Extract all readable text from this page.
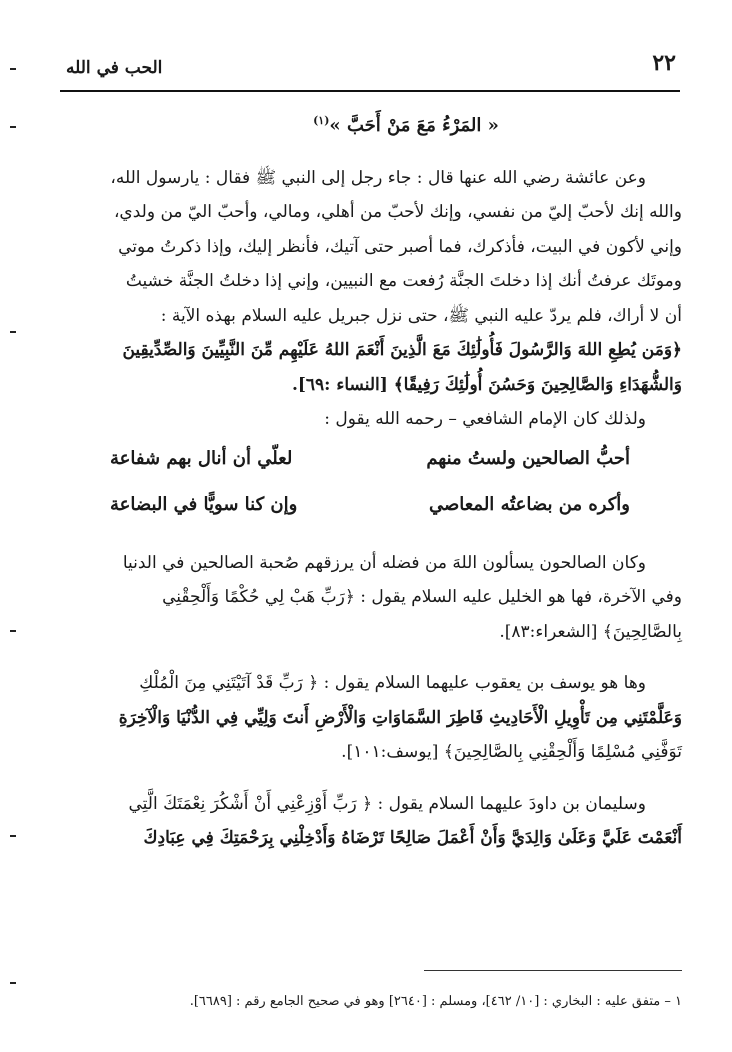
٢٢
الحب في الله

« المَرْءُ مَعَ مَنْ أَحَبَّ »$^{(١)}$

وعن عائشة رضي الله عنها قال : جاء رجل إلى النبي ﷺ فقال : يارسول الله،
والله إنك لأحبّ إليّ من نفسي، وإنك لأحبّ من أهلي، ومالي، وأحبّ اليّ من ولدي،
وإني لأكون في البيت، فأذكرك، فما أصبر حتى آتيك، فأنظر إليك، وإذا ذكرتُ موتي
وموتَك عرفتُ أنك إذا دخلتَ الجنَّة رُفعت مع النبيين، وإني إذا دخلتُ الجنَّة خشيتُ
أن لا أراك، فلم يردّ عليه النبي ﷺ، حتى نزل جبريل عليه السلام بهذه الآية :
﴿وَمَن يُطِعِ اللهَ وَالرَّسُولَ فَأُولَٰئِكَ مَعَ الَّذِينَ أَنْعَمَ اللهُ عَلَيْهِم مِّنَ النَّبِيِّينَ وَالصِّدِّيقِينَ
وَالشُّهَدَاءِ وَالصَّالِحِينَ وَحَسُنَ أُولَٰئِكَ رَفِيقًا﴾ [النساء :٦٩].

ولذلك كان الإمام الشافعي – رحمه الله يقول :

أحبُّ الصالحين ولستُ منهم
لعلّي أن أنال بهم شفاعة
وأكره من بضاعتُه المعاصي
وإن كنا سويًّا في البضاعة

وكان الصالحون يسألون اللهَ من فضله أن يرزقهم صُحبة الصالحين في الدنيا
وفي الآخرة، فها هو الخليل عليه السلام يقول : ﴿رَبِّ هَبْ لِي حُكْمًا وَأَلْحِقْنِي
بِالصَّالِحِينَ﴾ [الشعراء:٨٣].

وها هو يوسف بن يعقوب عليهما السلام يقول : ﴿ رَبِّ قَدْ آتَيْتَنِي مِنَ الْمُلْكِ
وَعَلَّمْتَنِي مِن تَأْوِيلِ الْأَحَادِيثِ فَاطِرَ السَّمَاوَاتِ وَالْأَرْضِ أَنتَ وَلِيِّي فِي الدُّنْيَا وَالْآخِرَةِ
تَوَفَّنِي مُسْلِمًا وَأَلْحِقْنِي بِالصَّالِحِينَ﴾ [يوسف:١٠١].

وسليمان بن داودَ عليهما السلام يقول : ﴿ رَبِّ أَوْزِعْنِي أَنْ أَشْكُرَ نِعْمَتَكَ الَّتِي
أَنْعَمْتَ عَلَيَّ وَعَلَىٰ وَالِدَيَّ وَأَنْ أَعْمَلَ صَالِحًا تَرْضَاهُ وَأَدْخِلْنِي بِرَحْمَتِكَ فِي عِبَادِكَ

١ – متفق عليه : البخاري : [١٠/ ٤٦٢]، ومسلم : [٢٦٤٠] وهو في صحيح الجامع رقم : [٦٦٨٩].
